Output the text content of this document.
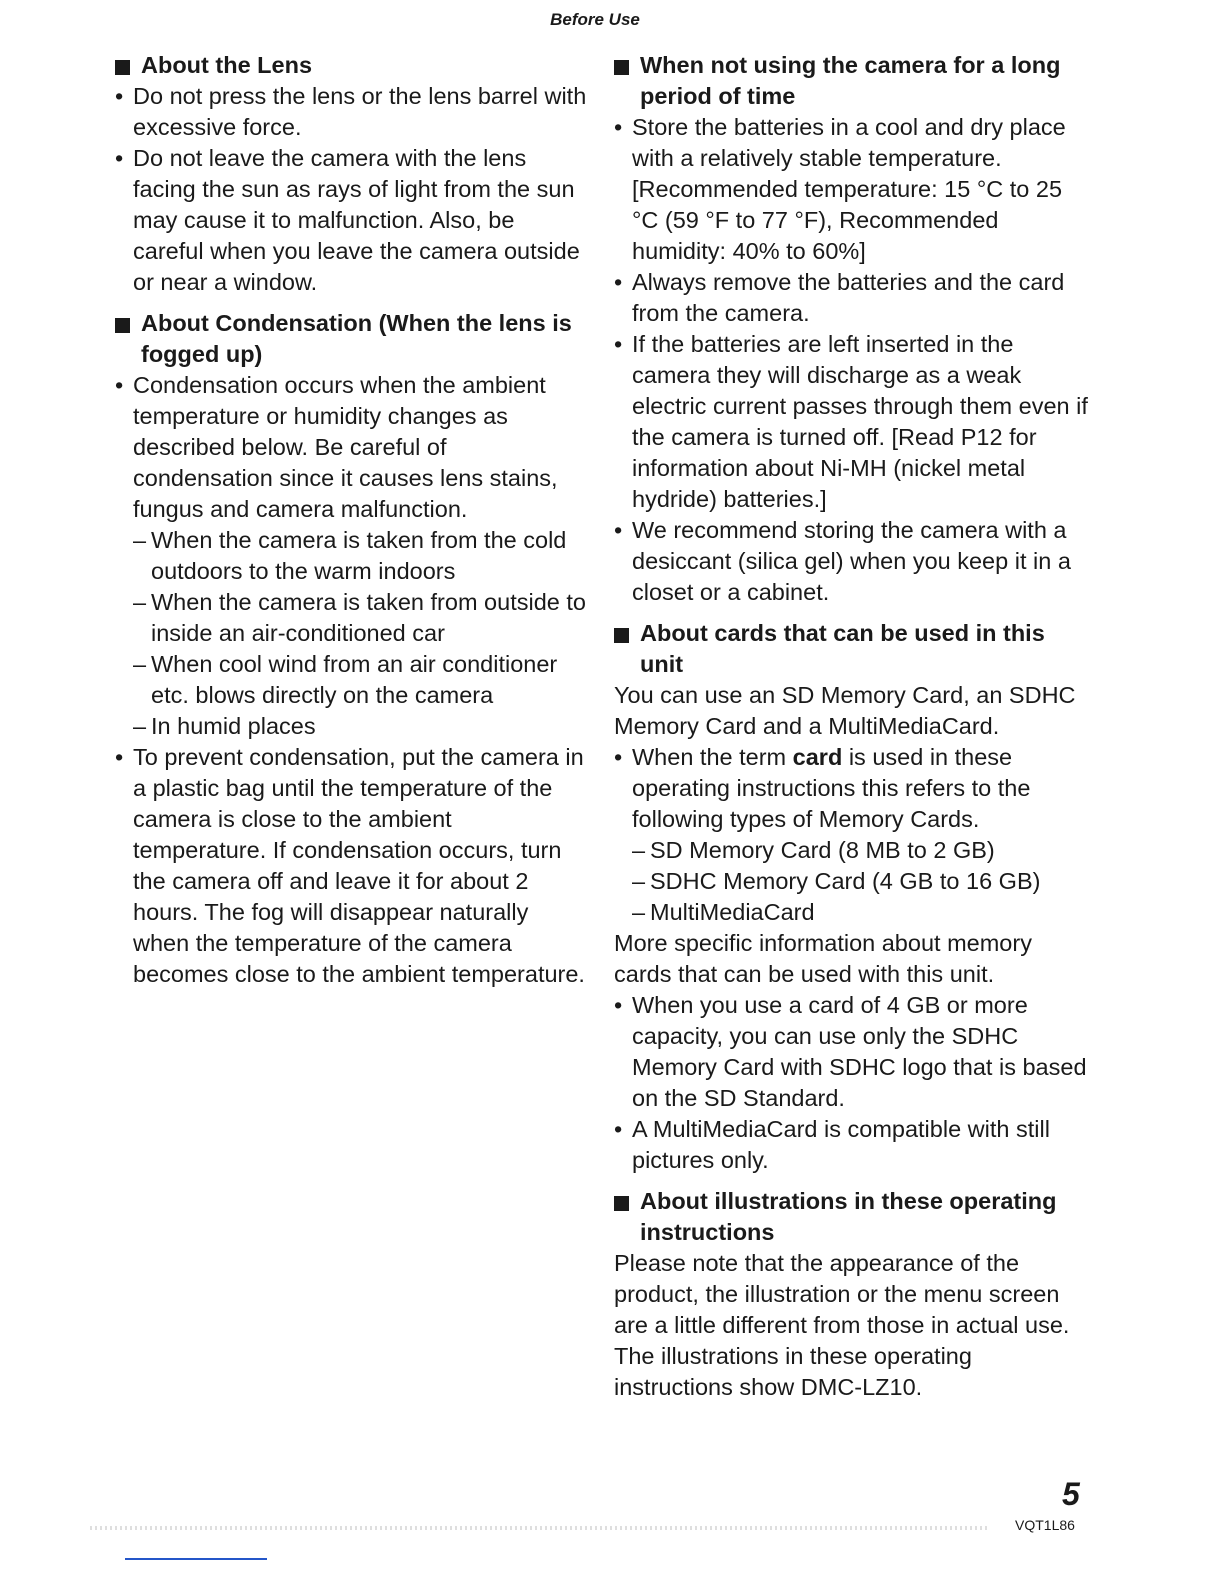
Before Use
About the Lens
• Do not press the lens or the lens barrel with excessive force.
• Do not leave the camera with the lens facing the sun as rays of light from the sun may cause it to malfunction. Also, be careful when you leave the camera outside or near a window.
About Condensation (When the lens is fogged up)
• Condensation occurs when the ambient temperature or humidity changes as described below. Be careful of condensation since it causes lens stains, fungus and camera malfunction.
– When the camera is taken from the cold outdoors to the warm indoors
– When the camera is taken from outside to inside an air-conditioned car
– When cool wind from an air conditioner etc. blows directly on the camera
– In humid places
• To prevent condensation, put the camera in a plastic bag until the temperature of the camera is close to the ambient temperature. If condensation occurs, turn the camera off and leave it for about 2 hours. The fog will disappear naturally when the temperature of the camera becomes close to the ambient temperature.
When not using the camera for a long period of time
• Store the batteries in a cool and dry place with a relatively stable temperature. [Recommended temperature: 15 °C to 25 °C (59 °F to 77 °F), Recommended humidity: 40% to 60%]
• Always remove the batteries and the card from the camera.
• If the batteries are left inserted in the camera they will discharge as a weak electric current passes through them even if the camera is turned off. [Read P12 for information about Ni-MH (nickel metal hydride) batteries.]
• We recommend storing the camera with a desiccant (silica gel) when you keep it in a closet or a cabinet.
About cards that can be used in this unit
You can use an SD Memory Card, an SDHC Memory Card and a MultiMediaCard.
• When the term card is used in these operating instructions this refers to the following types of Memory Cards.
– SD Memory Card (8 MB to 2 GB)
– SDHC Memory Card (4 GB to 16 GB)
– MultiMediaCard
More specific information about memory cards that can be used with this unit.
• When you use a card of 4 GB or more capacity, you can use only the SDHC Memory Card with SDHC logo that is based on the SD Standard.
• A MultiMediaCard is compatible with still pictures only.
About illustrations in these operating instructions
Please note that the appearance of the product, the illustration or the menu screen are a little different from those in actual use.
The illustrations in these operating instructions show DMC-LZ10.
5
VQT1L86
